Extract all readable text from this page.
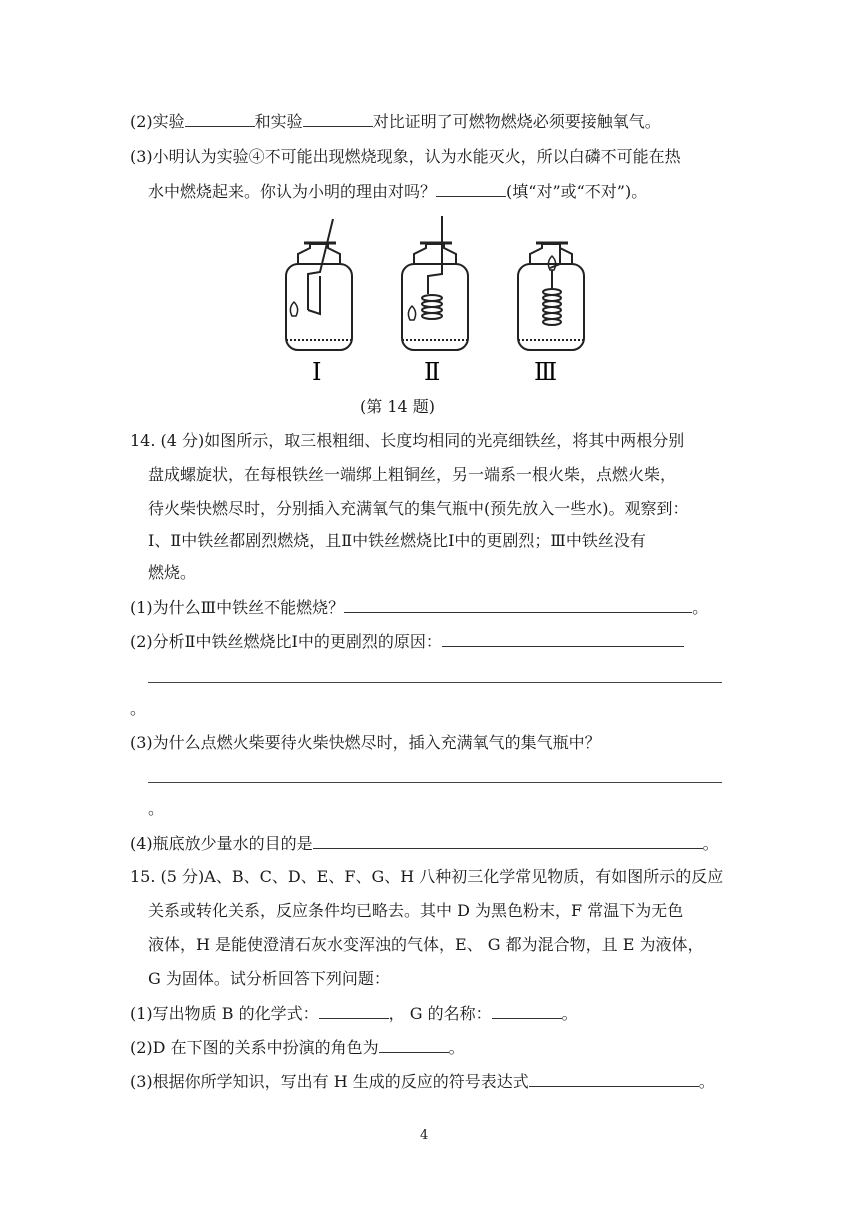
(2)实验	和实验	对比证明了可燃物燃烧必须要接触氧气。
(3)小明认为实验④不可能出现燃烧现象，认为水能灭火，所以白磷不可能在热
水中燃烧起来。你认为小明的理由对吗？	(填“对”或“不对”)。
Ⅰ	Ⅱ	Ⅲ
(第 14 题)
14. (4 分)如图所示，取三根粗细、长度均相同的光亮细铁丝，将其中两根分别
盘成螺旋状，在每根铁丝一端绑上粗铜丝，另一端系一根火柴，点燃火柴，
待火柴快燃尽时，分别插入充满氧气的集气瓶中(预先放入一些水)。观察到：
Ⅰ、Ⅱ中铁丝都剧烈燃烧，且Ⅱ中铁丝燃烧比Ⅰ中的更剧烈；Ⅲ中铁丝没有
燃烧。
(1)为什么Ⅲ中铁丝不能燃烧？	。
(2)分析Ⅱ中铁丝燃烧比Ⅰ中的更剧烈的原因：
。
(3)为什么点燃火柴要待火柴快燃尽时，插入充满氧气的集气瓶中？
。
(4)瓶底放少量水的目的是	。
15. (5 分)A、B、C、D、E、F、G、H 八种初三化学常见物质，有如图所示的反应
关系或转化关系，反应条件均已略去。其中 D 为黑色粉末，F 常温下为无色
液体，H 是能使澄清石灰水变浑浊的气体，E、 G 都为混合物，且 E 为液体，
G 为固体。试分析回答下列问题：
(1)写出物质 B 的化学式：	， G 的名称：	。
(2)D 在下图的关系中扮演的角色为	。
(3)根据你所学知识，写出有 H 生成的反应的符号表达式	。
4
